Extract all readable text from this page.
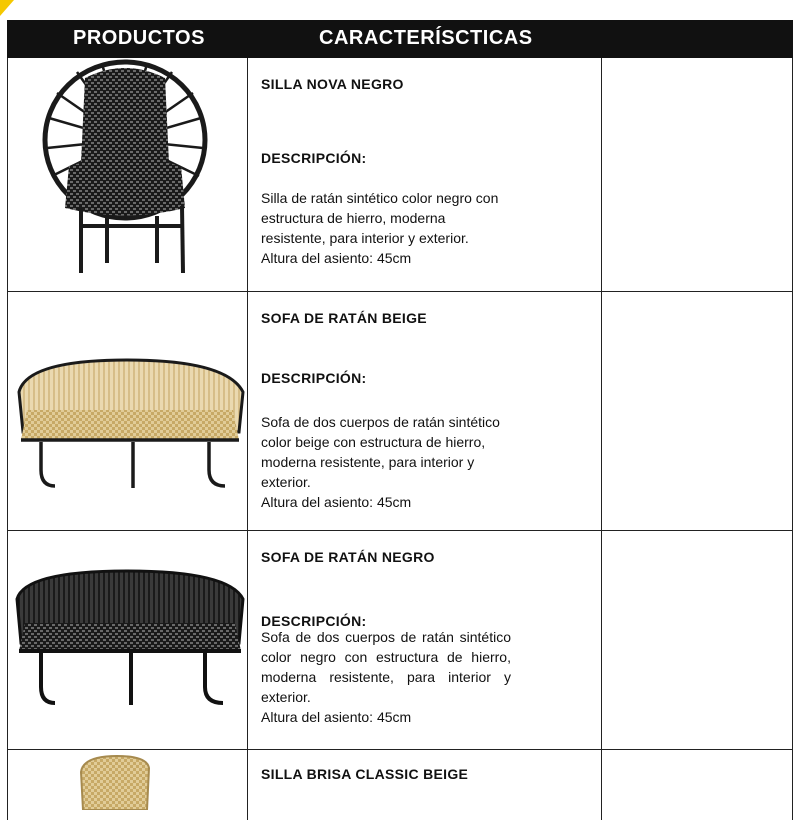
PRODUCTOS	CARACTERÍSCTICAS
SILLA NOVA NEGRO
DESCRIPCIÓN:

Silla de ratán sintético color negro con estructura de hierro, moderna resistente, para interior y exterior.

Altura del asiento: 45cm

SOFA DE RATÁN BEIGE
DESCRIPCIÓN:

Sofa de dos cuerpos de ratán sintético color beige con estructura de hierro, moderna resistente, para interior y exterior.

Altura del asiento: 45cm

SOFA DE RATÁN NEGRO
DESCRIPCIÓN:

Sofa de dos cuerpos de ratán sintético color negro con estructura de hierro, moderna resistente, para interior y exterior.

Altura del asiento: 45cm

SILLA BRISA CLASSIC BEIGE
